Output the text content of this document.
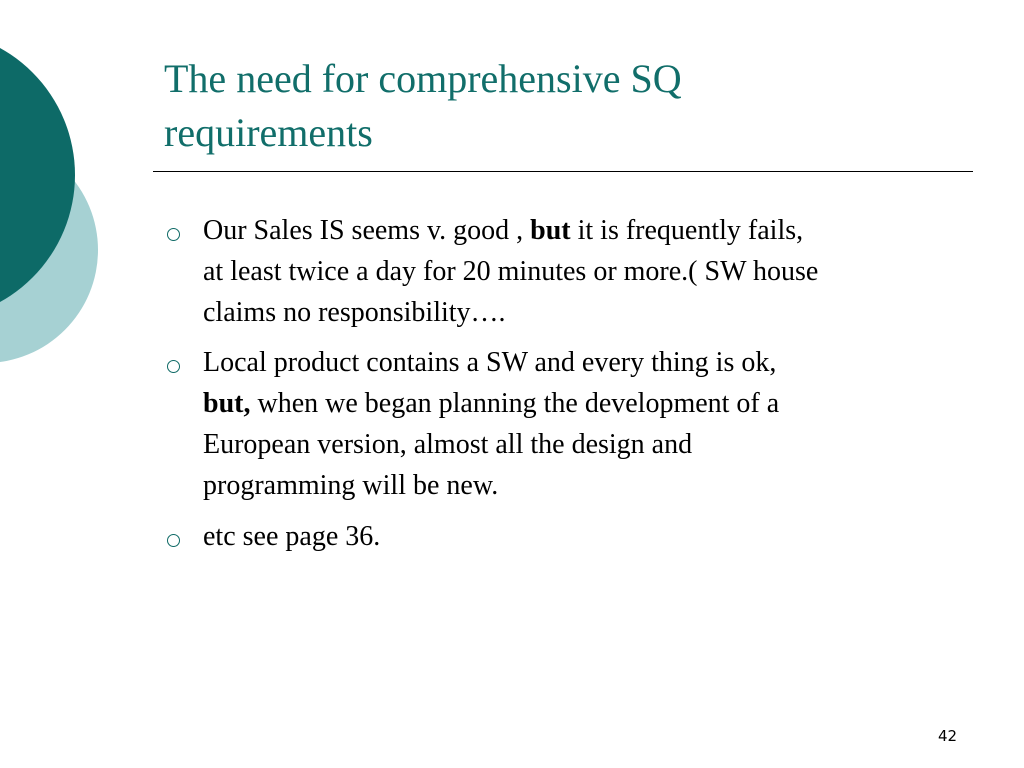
The need for comprehensive SQ
requirements
Our Sales IS seems v. good , but it is frequently fails,
at least twice a day for 20 minutes or more.( SW house
claims no responsibility….
Local product contains a SW and every thing is ok,
but, when we began planning the development of a
European version, almost all the design and
programming will be new.
etc see page 36.
42
